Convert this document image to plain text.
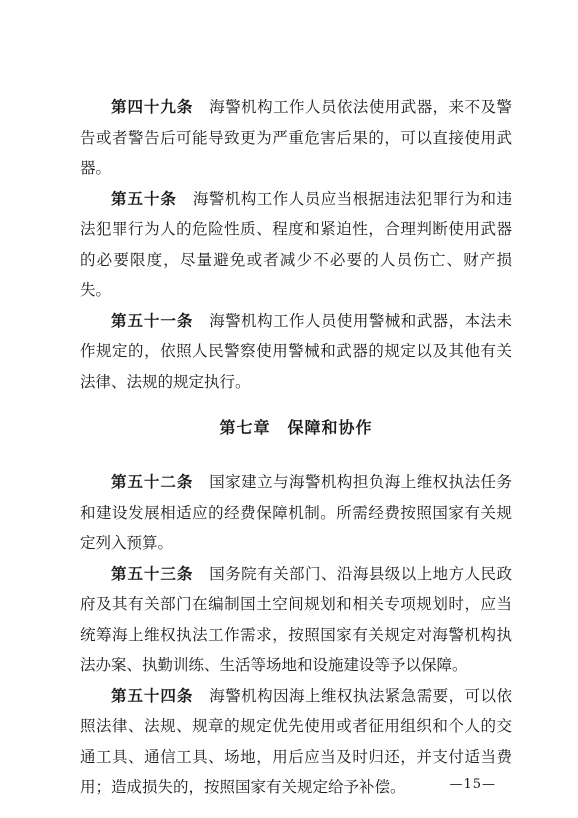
第四十九条　 海警机构工作人员依法使用武器，来不及警告或者警告后可能导致更为严重危害后果的，可以直接使用武器。

第五十条　 海警机构工作人员应当根据违法犯罪行为和违法犯罪行为人的危险性质、程度和紧迫性，合理判断使用武器的必要限度，尽量避免或者减少不必要的人员伤亡、财产损失。

第五十一条　 海警机构工作人员使用警械和武器，本法未作规定的，依照人民警察使用警械和武器的规定以及其他有关法律、法规的规定执行。

第七章　 保障和协作

第五十二条　 国家建立与海警机构担负海上维权执法任务和建设发展相适应的经费保障机制。所需经费按照国家有关规定列入预算。

第五十三条　 国务院有关部门、沿海县级以上地方人民政府及其有关部门在编制国土空间规划和相关专项规划时，应当统筹海上维权执法工作需求，按照国家有关规定对海警机构执法办案、执勤训练、生活等场地和设施建设等予以保障。

第五十四条　 海警机构因海上维权执法紧急需要，可以依照法律、法规、规章的规定优先使用或者征用组织和个人的交通工具、通信工具、场地，用后应当及时归还，并支付适当费用；造成损失的，按照国家有关规定给予补偿。	—15—
